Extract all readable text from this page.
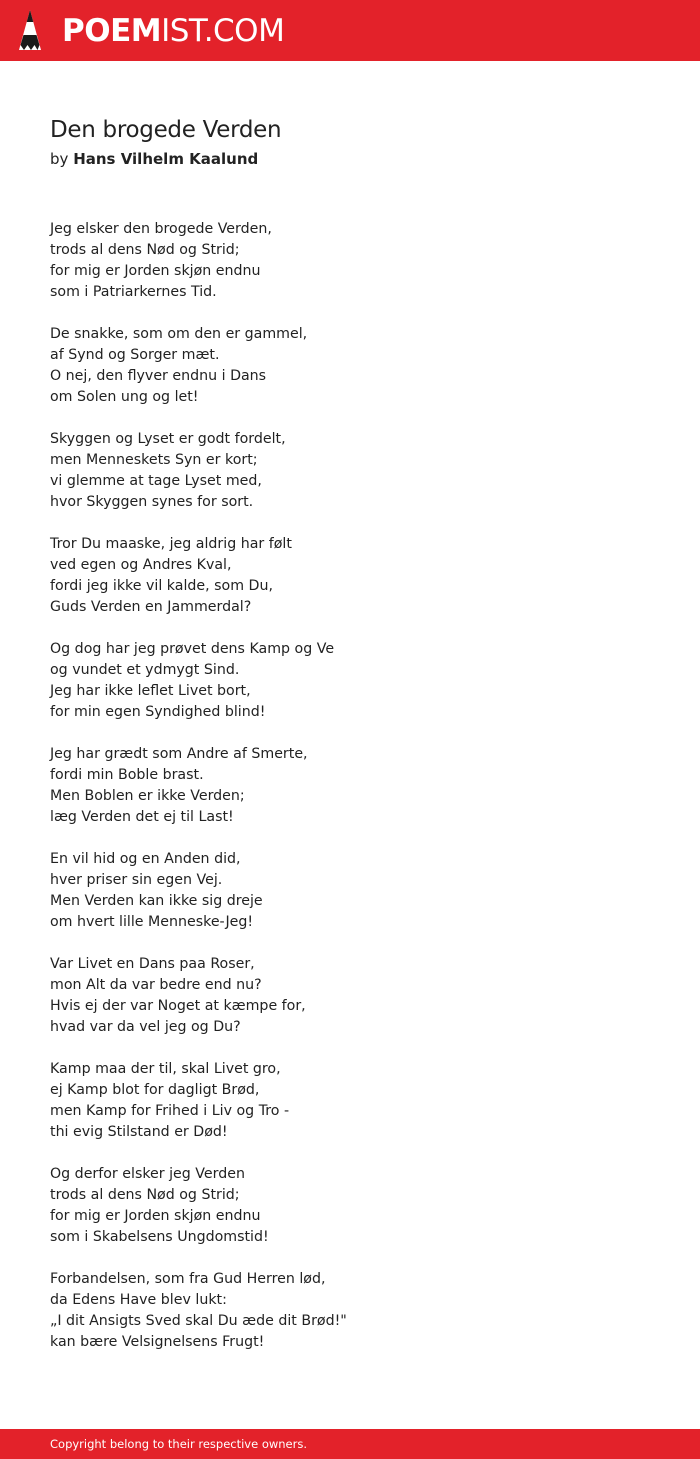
POEMIST.COM
Den brogede Verden
by Hans Vilhelm Kaalund
Jeg elsker den brogede Verden,
trods al dens Nød og Strid;
for mig er Jorden skjøn endnu
som i Patriarkernes Tid.
De snakke, som om den er gammel,
af Synd og Sorger mæt.
O nej, den flyver endnu i Dans
om Solen ung og let!
Skyggen og Lyset er godt fordelt,
men Menneskets Syn er kort;
vi glemme at tage Lyset med,
hvor Skyggen synes for sort.
Tror Du maaske, jeg aldrig har følt
ved egen og Andres Kval,
fordi jeg ikke vil kalde, som Du,
Guds Verden en Jammerdal?
Og dog har jeg prøvet dens Kamp og Ve
og vundet et ydmygt Sind.
Jeg har ikke leflet Livet bort,
for min egen Syndighed blind!
Jeg har grædt som Andre af Smerte,
fordi min Boble brast.
Men Boblen er ikke Verden;
læg Verden det ej til Last!
En vil hid og en Anden did,
hver priser sin egen Vej.
Men Verden kan ikke sig dreje
om hvert lille Menneske-Jeg!
Var Livet en Dans paa Roser,
mon Alt da var bedre end nu?
Hvis ej der var Noget at kæmpe for,
hvad var da vel jeg og Du?
Kamp maa der til, skal Livet gro,
ej Kamp blot for dagligt Brød,
men Kamp for Frihed i Liv og Tro -
thi evig Stilstand er Død!
Og derfor elsker jeg Verden
trods al dens Nød og Strid;
for mig er Jorden skjøn endnu
som i Skabelsens Ungdomstid!
Forbandelsen, som fra Gud Herren lød,
da Edens Have blev lukt:
„I dit Ansigts Sved skal Du æde dit Brød!"
kan bære Velsignelsens Frugt!
Copyright belong to their respective owners.
